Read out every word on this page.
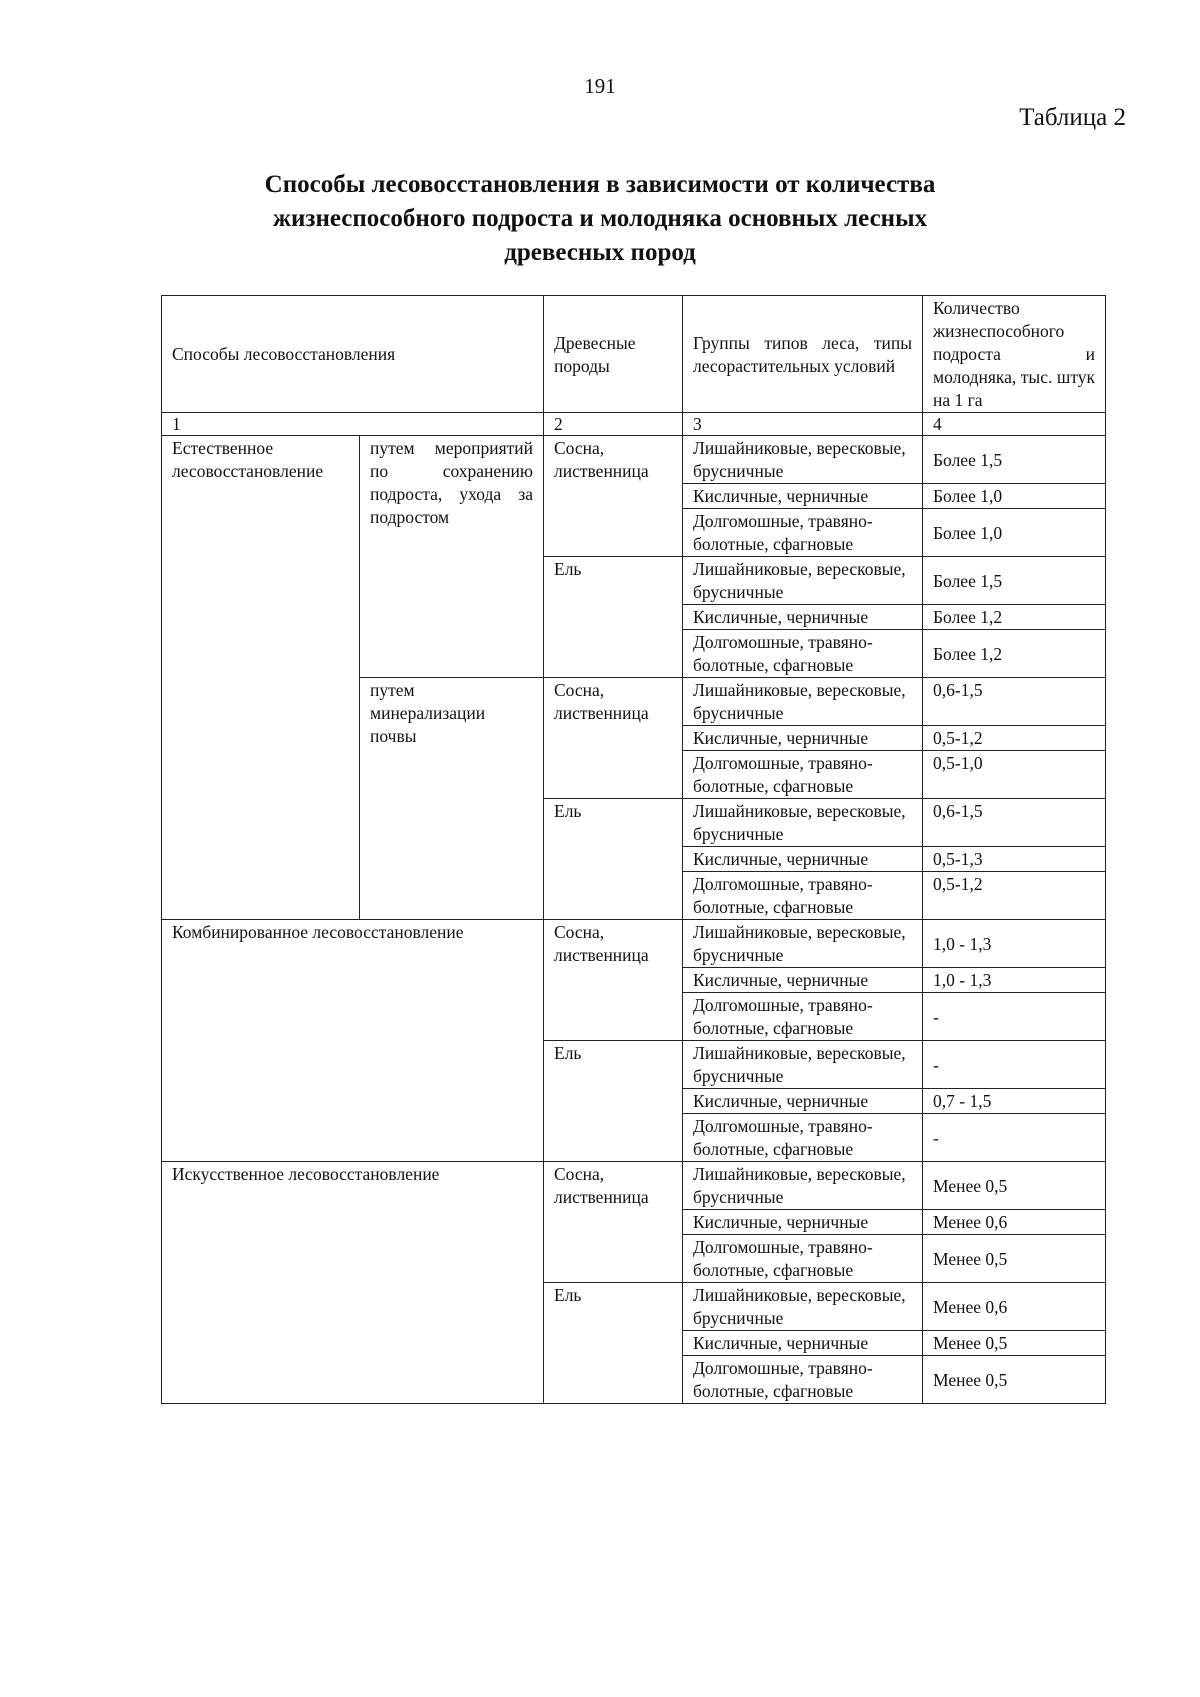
191
Таблица 2
Способы лесовосстановления в зависимости от количества
жизнеспособного подроста и молодняка основных лесных
древесных пород
Способы лесовосстановления		Древесные породы	Группы типов леса, типы лесорастительных условий	Количество жизнеспособного подроста и молодняка, тыс. штук на 1 га
1		2	3	4
Естественное лесовосстановление	путем мероприятий по сохранению подроста, ухода за подростом	Сосна, лиственница	Лишайниковые, вересковые, брусничные	Более 1,5
			Кисличные, черничные	Более 1,0
			Долгомошные, травяно-болотные, сфагновые	Более 1,0
		Ель	Лишайниковые, вересковые, брусничные	Более 1,5
			Кисличные, черничные	Более 1,2
			Долгомошные, травяно-болотные, сфагновые	Более 1,2
	путем минерализации почвы	Сосна, лиственница	Лишайниковые, вересковые, брусничные	0,6-1,5
			Кисличные, черничные	0,5-1,2
			Долгомошные, травяно-болотные, сфагновые	0,5-1,0
		Ель	Лишайниковые, вересковые, брусничные	0,6-1,5
			Кисличные, черничные	0,5-1,3
			Долгомошные, травяно-болотные, сфагновые	0,5-1,2
Комбинированное лесовосстановление		Сосна, лиственница	Лишайниковые, вересковые, брусничные	1,0 - 1,3
			Кисличные, черничные	1,0 - 1,3
			Долгомошные, травяно-болотные, сфагновые	-
		Ель	Лишайниковые, вересковые, брусничные	-
			Кисличные, черничные	0,7 - 1,5
			Долгомошные, травяно-болотные, сфагновые	-
Искусственное лесовосстановление		Сосна, лиственница	Лишайниковые, вересковые, брусничные	Менее 0,5
			Кисличные, черничные	Менее 0,6
			Долгомошные, травяно-болотные, сфагновые	Менее 0,5
		Ель	Лишайниковые, вересковые, брусничные	Менее 0,6
			Кисличные, черничные	Менее 0,5
			Долгомошные, травяно-болотные, сфагновые	Менее 0,5
